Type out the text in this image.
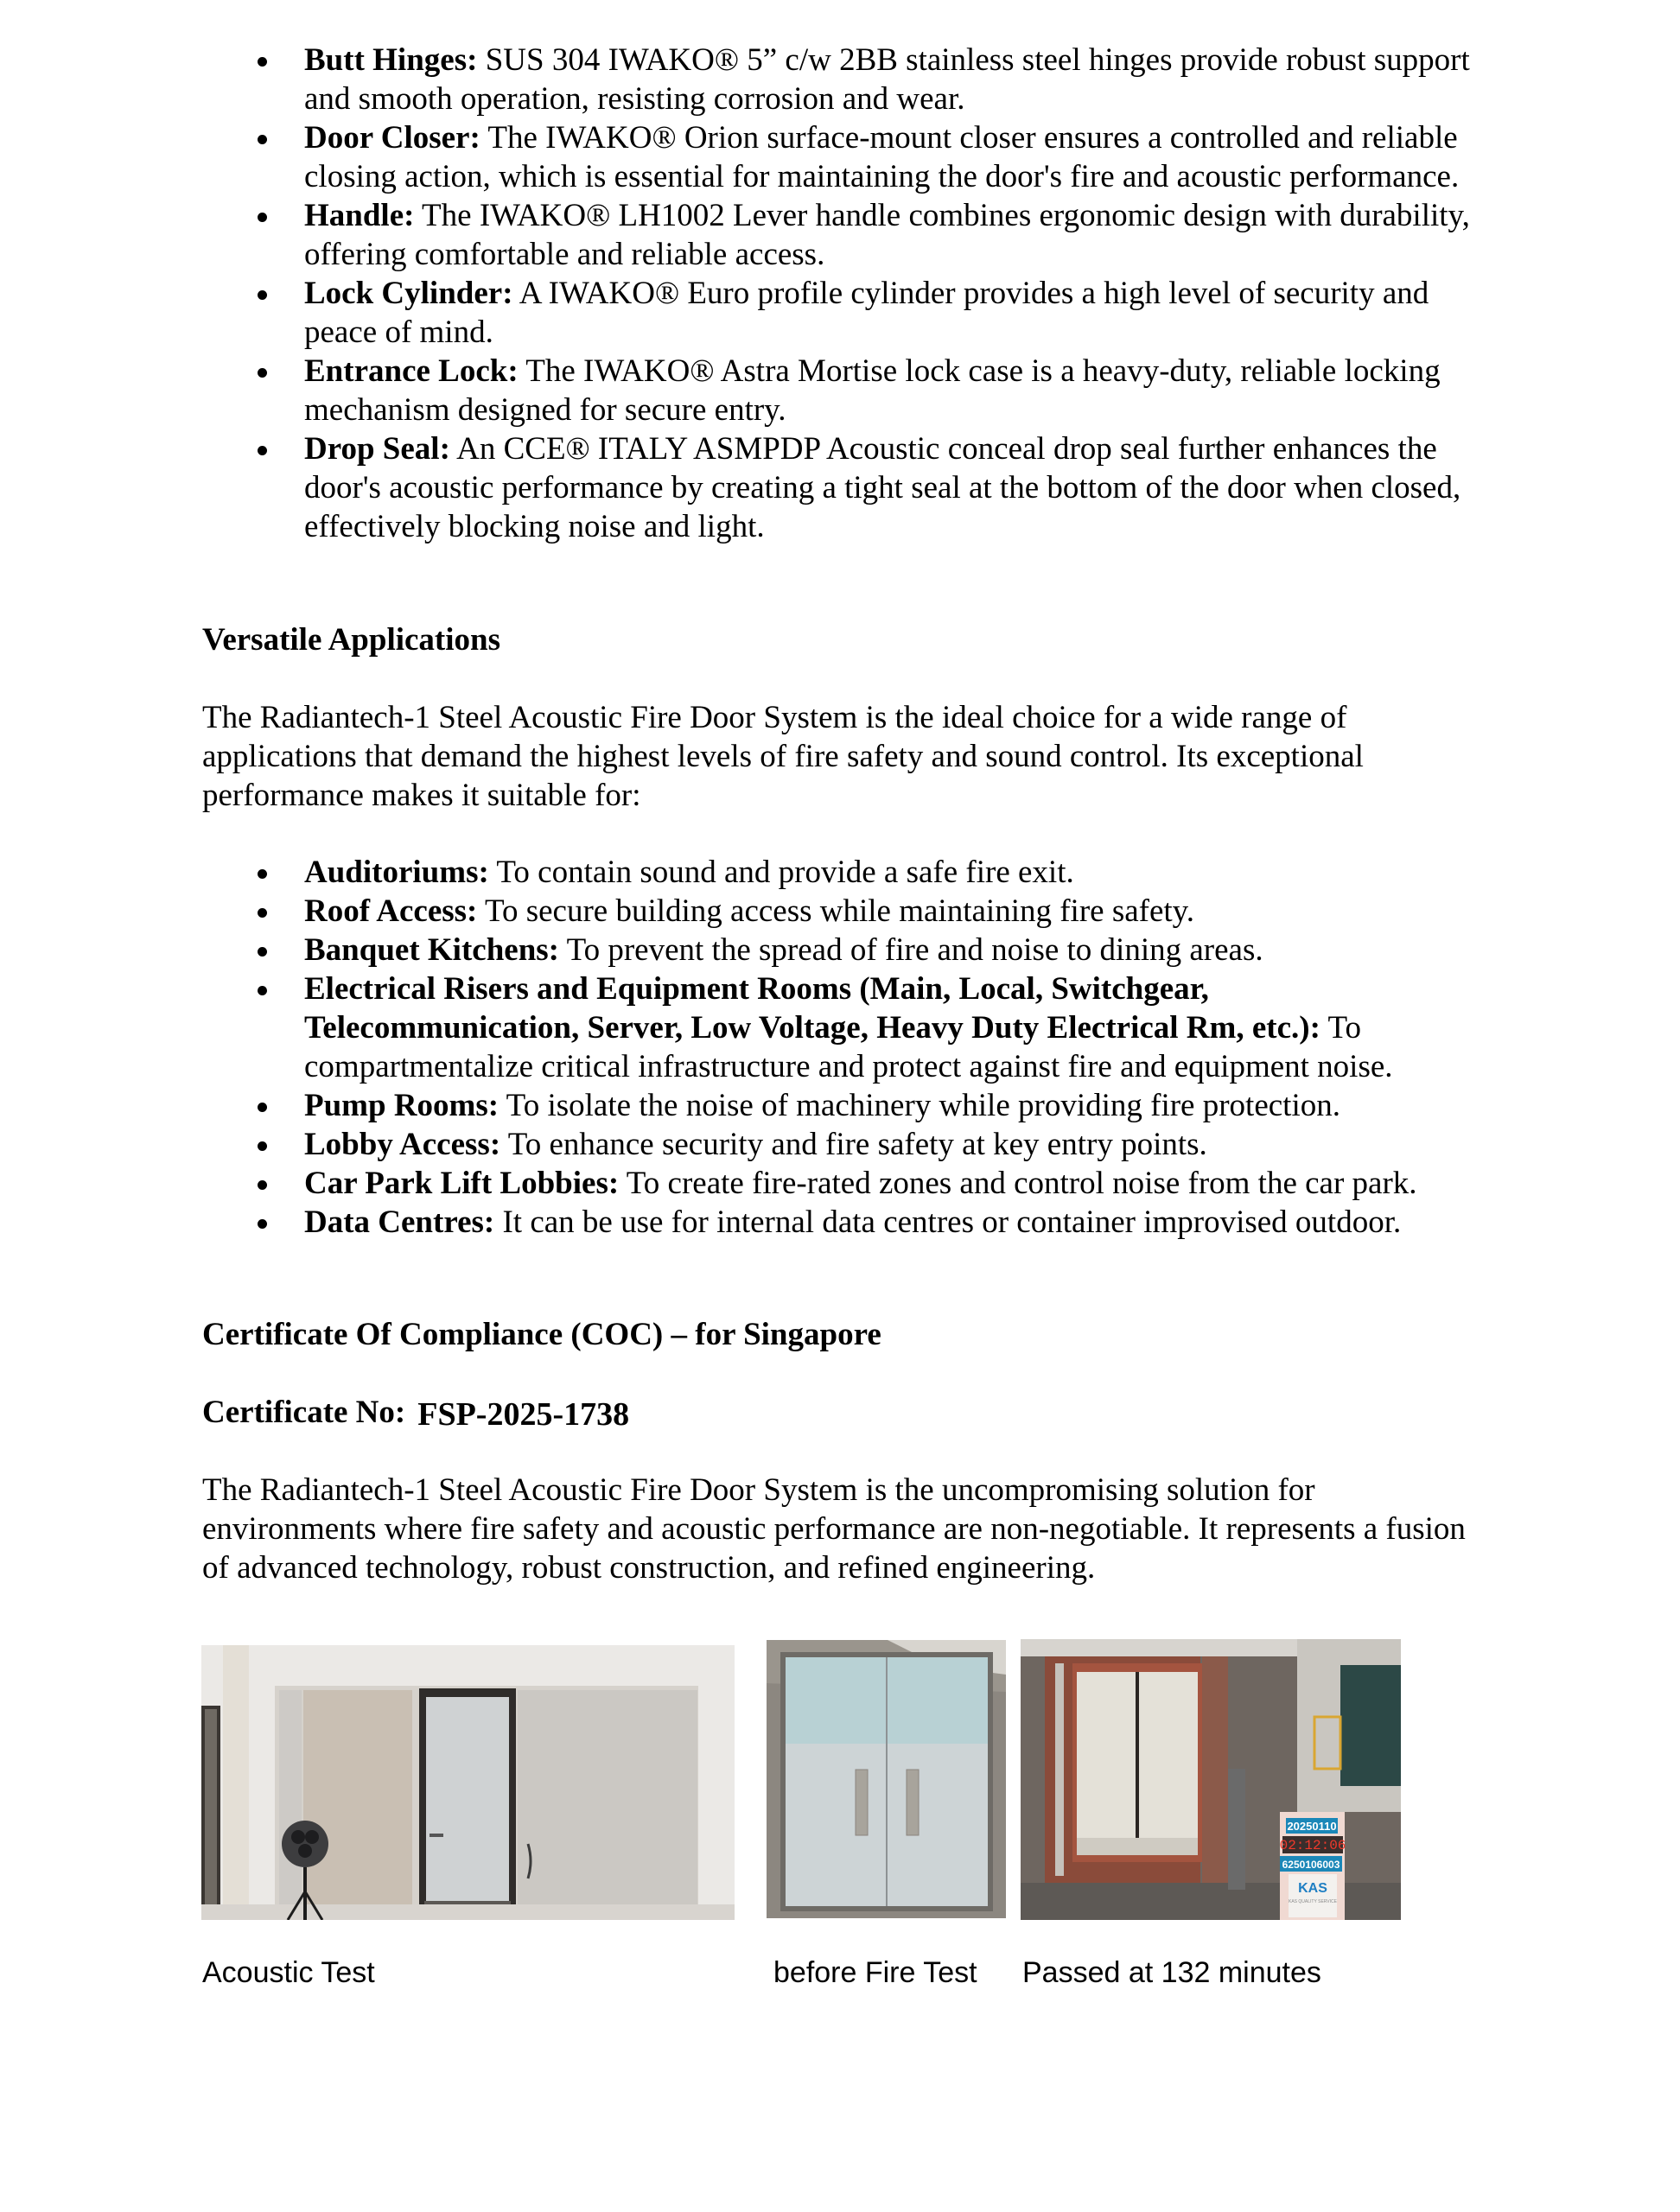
Butt Hinges: SUS 304 IWAKO® 5” c/w 2BB stainless steel hinges provide robust support and smooth operation, resisting corrosion and wear.
Door Closer: The IWAKO® Orion surface-mount closer ensures a controlled and reliable closing action, which is essential for maintaining the door's fire and acoustic performance.
Handle: The IWAKO® LH1002 Lever handle combines ergonomic design with durability, offering comfortable and reliable access.
Lock Cylinder: A IWAKO® Euro profile cylinder provides a high level of security and peace of mind.
Entrance Lock: The IWAKO® Astra Mortise lock case is a heavy-duty, reliable locking mechanism designed for secure entry.
Drop Seal: An CCE® ITALY ASMPDP Acoustic conceal drop seal further enhances the door's acoustic performance by creating a tight seal at the bottom of the door when closed, effectively blocking noise and light.
Versatile Applications
The Radiantech-1 Steel Acoustic Fire Door System is the ideal choice for a wide range of applications that demand the highest levels of fire safety and sound control. Its exceptional performance makes it suitable for:
Auditoriums: To contain sound and provide a safe fire exit.
Roof Access: To secure building access while maintaining fire safety.
Banquet Kitchens: To prevent the spread of fire and noise to dining areas.
Electrical Risers and Equipment Rooms (Main, Local, Switchgear, Telecommunication, Server, Low Voltage, Heavy Duty Electrical Rm, etc.): To compartmentalize critical infrastructure and protect against fire and equipment noise.
Pump Rooms: To isolate the noise of machinery while providing fire protection.
Lobby Access: To enhance security and fire safety at key entry points.
Car Park Lift Lobbies: To create fire-rated zones and control noise from the car park.
Data Centres: It can be use for internal data centres or container improvised outdoor.
Certificate Of Compliance (COC) – for Singapore
Certificate No: FSP-2025-1738
The Radiantech-1 Steel Acoustic Fire Door System is the uncompromising solution for environments where fire safety and acoustic performance are non-negotiable. It represents a fusion of advanced technology, robust construction, and refined engineering.
20250110
02:12:06
6250106003
KAS
KAS QUALITY SERVICE
Acoustic Test	before Fire Test Passed at 132 minutes
